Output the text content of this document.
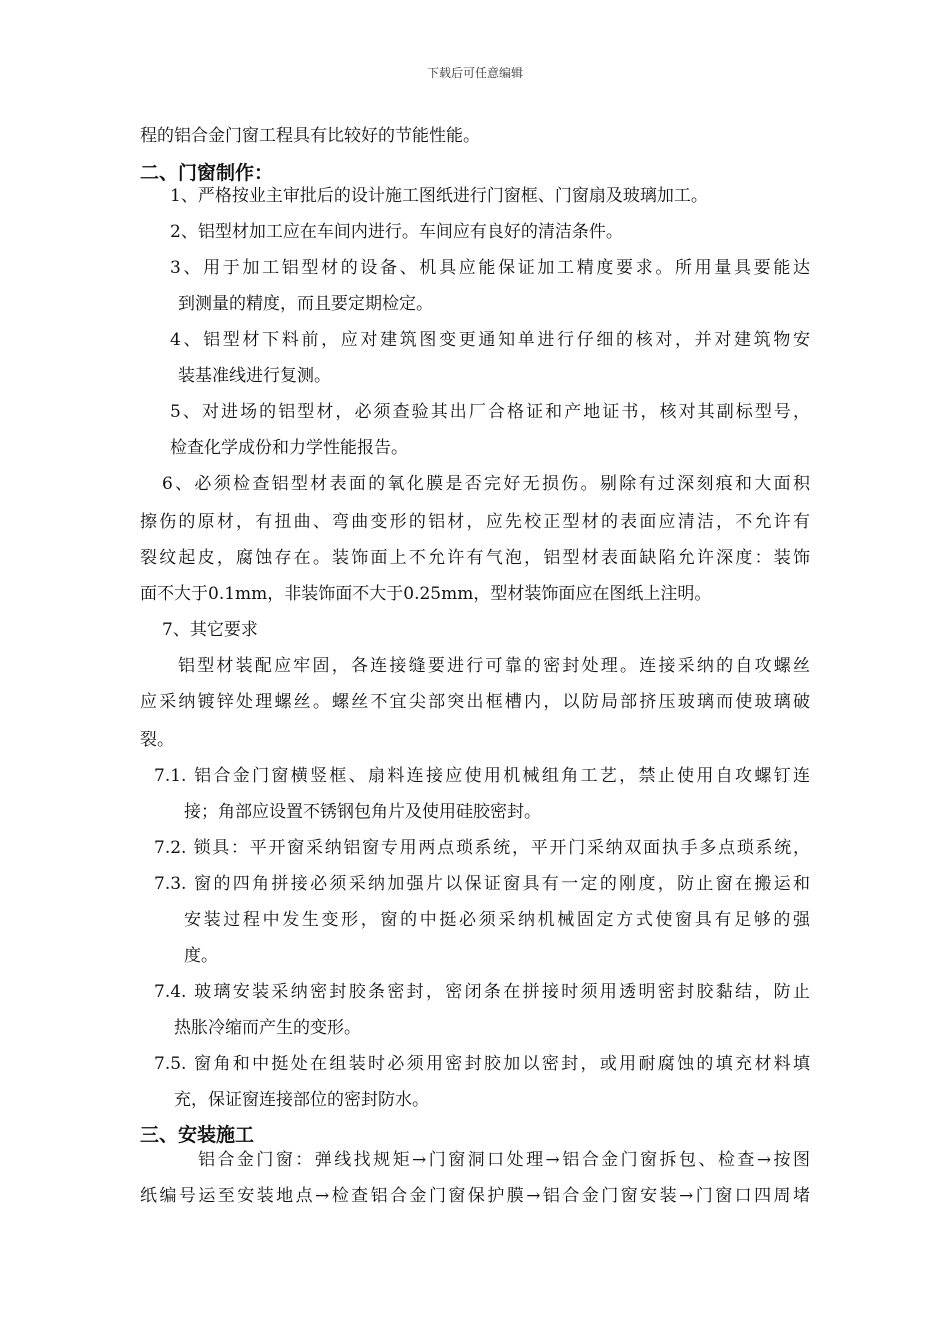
下载后可任意编辑
程的铝合金门窗工程具有比较好的节能性能。
二、门窗制作：
1、严格按业主审批后的设计施工图纸进行门窗框、门窗扇及玻璃加工。
2、铝型材加工应在车间内进行。车间应有良好的清洁条件。
3、用于加工铝型材的设备、机具应能保证加工精度要求。所用量具要能达
到测量的精度，而且要定期检定。
4、铝型材下料前，应对建筑图变更通知单进行仔细的核对，并对建筑物安
装基准线进行复测。
5、对进场的铝型材，必须查验其出厂合格证和产地证书，核对其副标型号，
检查化学成份和力学性能报告。
6、必须检查铝型材表面的氧化膜是否完好无损伤。剔除有过深刻痕和大面积
擦伤的原材，有扭曲、弯曲变形的铝材，应先校正型材的表面应清洁，不允许有
裂纹起皮，腐蚀存在。装饰面上不允许有气泡，铝型材表面缺陷允许深度：装饰
面不大于0.1mm，非装饰面不大于0.25mm，型材装饰面应在图纸上注明。
7、其它要求
铝型材装配应牢固，各连接缝要进行可靠的密封处理。连接采纳的自攻螺丝
应采纳镀锌处理螺丝。螺丝不宜尖部突出框槽内，以防局部挤压玻璃而使玻璃破
裂。
7.1. 铝合金门窗横竖框、扇料连接应使用机械组角工艺，禁止使用自攻螺钉连
接；角部应设置不锈钢包角片及使用硅胶密封。
7.2. 锁具：平开窗采纳铝窗专用两点琐系统，平开门采纳双面执手多点琐系统，
7.3. 窗的四角拼接必须采纳加强片以保证窗具有一定的刚度，防止窗在搬运和
安装过程中发生变形，窗的中挺必须采纳机械固定方式使窗具有足够的强
度。
7.4. 玻璃安装采纳密封胶条密封，密闭条在拼接时须用透明密封胶黏结，防止
热胀冷缩而产生的变形。
7.5. 窗角和中挺处在组装时必须用密封胶加以密封，或用耐腐蚀的填充材料填
充，保证窗连接部位的密封防水。
三、安装施工
铝合金门窗：弹线找规矩→门窗洞口处理→铝合金门窗拆包、检查→按图
纸编号运至安装地点→检查铝合金门窗保护膜→铝合金门窗安装→门窗口四周堵
